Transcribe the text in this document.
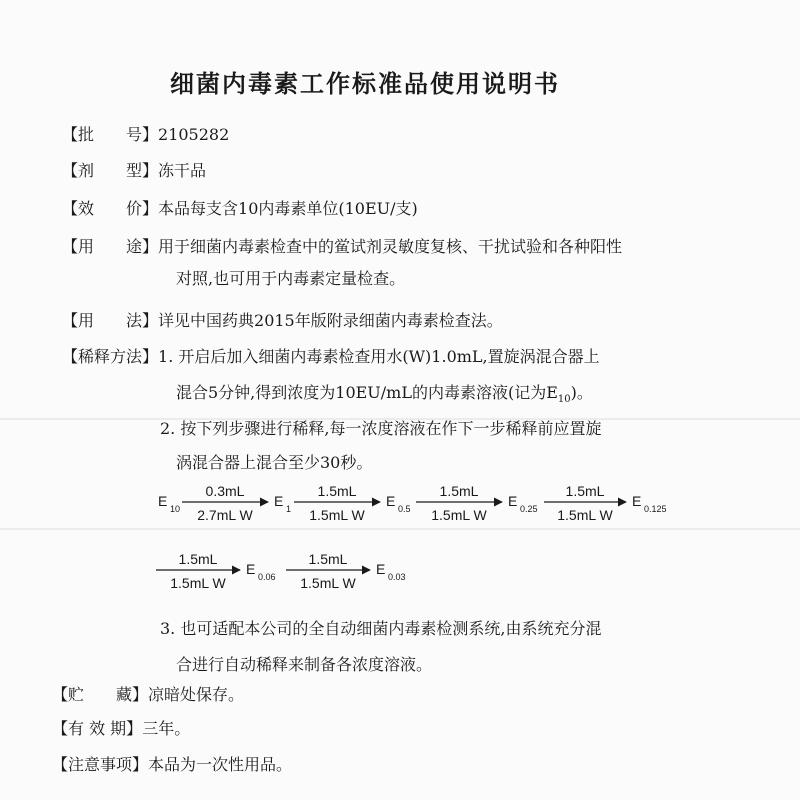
细菌内毒素工作标准品使用说明书
【批　　号】2105282
【剂　　型】冻干品
【效　　价】本品每支含10内毒素单位(10EU/支)
【用　　途】用于细菌内毒素检查中的鲎试剂灵敏度复核、干扰试验和各种阳性
对照,也可用于内毒素定量检查。
【用　　法】详见中国药典2015年版附录细菌内毒素检查法。
【稀释方法】1. 开启后加入细菌内毒素检查用水(W)1.0mL,置旋涡混合器上
混合5分钟,得到浓度为10EU/mL的内毒素溶液(记为$E_{10}$)。
2. 按下列步骤进行稀释,每一浓度溶液在作下一步稀释前应置旋
涡混合器上混合至少30秒。
E 10	E 1	E 0.5	E 0.25	E 0.125
0.3mL
2.7mL W
1.5mL
1.5mL W
1.5mL
1.5mL W
1.5mL
1.5mL W
E 0.06	E 0.03
1.5mL
1.5mL W
1.5mL
1.5mL W
3. 也可适配本公司的全自动细菌内毒素检测系统,由系统充分混
合进行自动稀释来制备各浓度溶液。
【贮　　藏】凉暗处保存。
【有 效 期】三年。
【注意事项】本品为一次性用品。
